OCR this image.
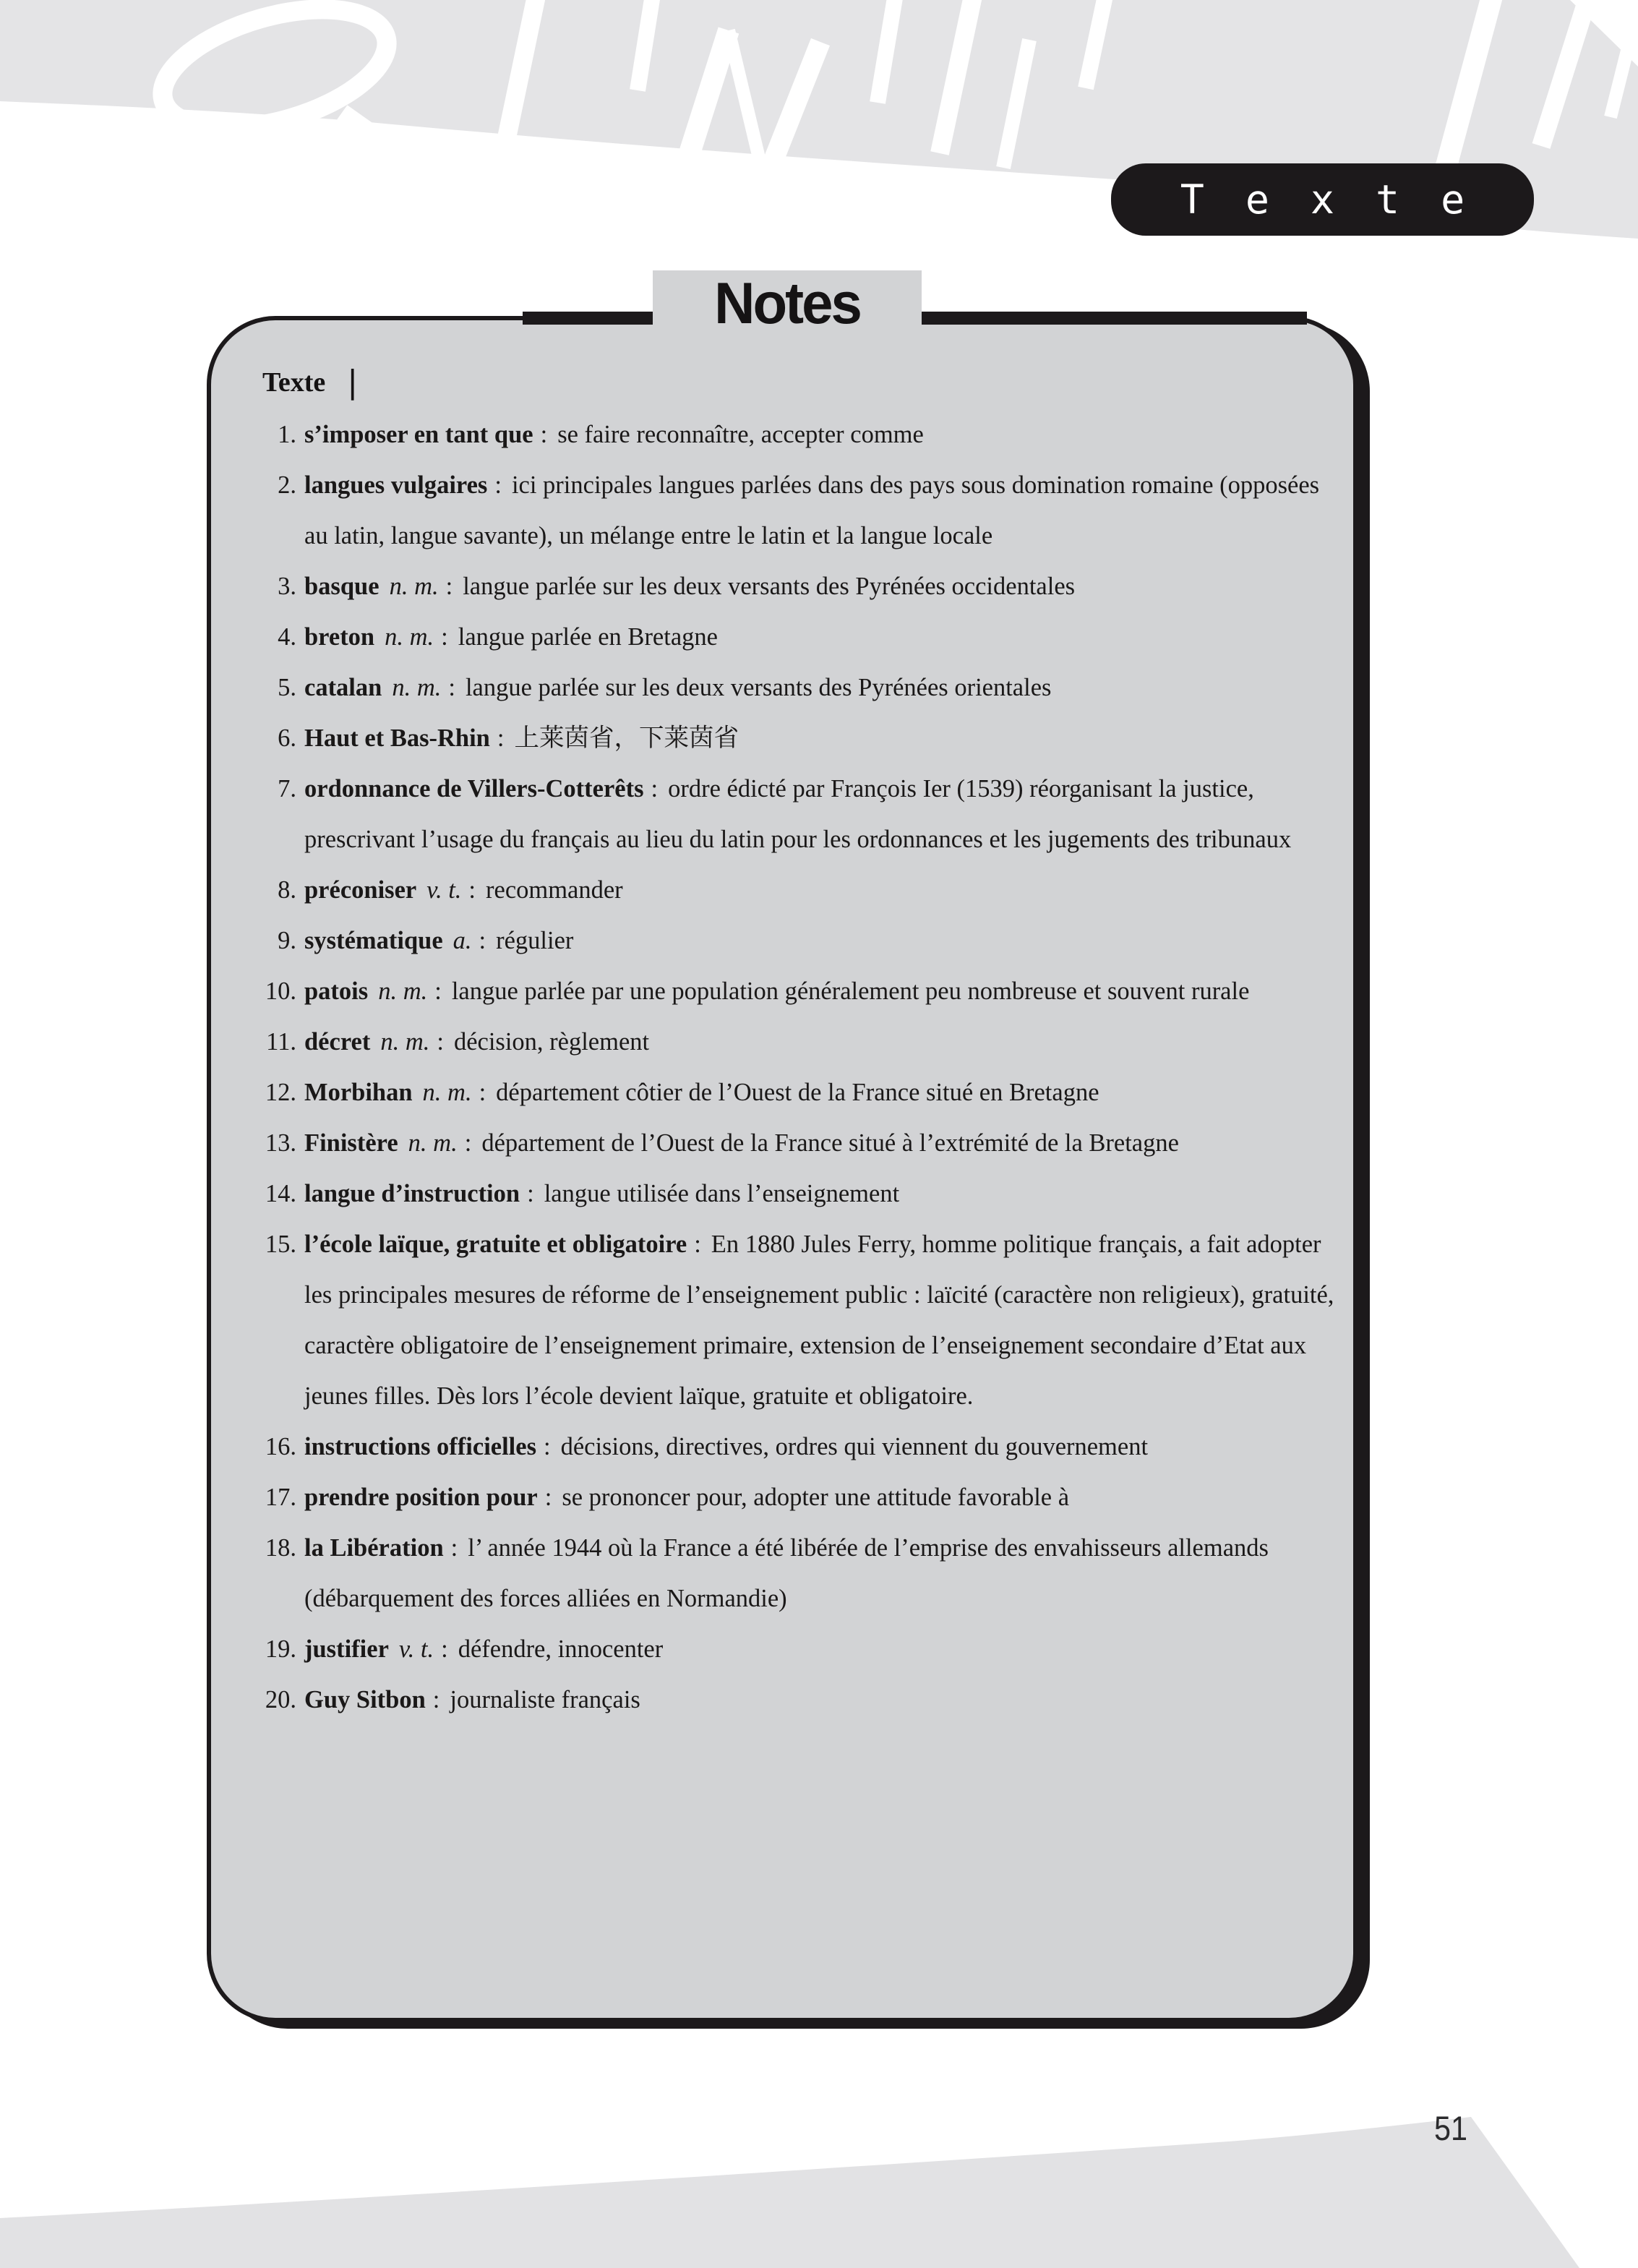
Texte
Notes
Texte |
1. s’imposer en tant que : se faire reconnaître, accepter comme
2. langues vulgaires : ici principales langues parlées dans des pays sous domination romaine (opposées au latin, langue savante), un mélange entre le latin et la langue locale
3. basque n. m. : langue parlée sur les deux versants des Pyrénées occidentales
4. breton n. m. : langue parlée en Bretagne
5. catalan n. m. : langue parlée sur les deux versants des Pyrénées orientales
6. Haut et Bas-Rhin : 上莱茵省，下莱茵省
7. ordonnance de Villers-Cotterêts : ordre édicté par François Ier (1539) réorganisant la justice, prescrivant l’usage du français au lieu du latin pour les ordonnances et les jugements des tribunaux
8. préconiser v. t. : recommander
9. systématique a. : régulier
10. patois n. m. : langue parlée par une population généralement peu nombreuse et souvent rurale
11. décret n. m. : décision, règlement
12. Morbihan n. m. : département côtier de l’Ouest de la France situé en Bretagne
13. Finistère n. m. : département de l’Ouest de la France situé à l’extrémité de la Bretagne
14. langue d’instruction : langue utilisée dans l’enseignement
15. l’école laïque, gratuite et obligatoire : En 1880 Jules Ferry, homme politique français, a fait adopter les principales mesures de réforme de l’enseignement public : laïcité (caractère non religieux), gratuité, caractère obligatoire de l’enseignement primaire, extension de l’enseignement secondaire d’Etat aux jeunes filles. Dès lors l’école devient laïque, gratuite et obligatoire.
16. instructions officielles : décisions, directives, ordres qui viennent du gouvernement
17. prendre position pour : se prononcer pour, adopter une attitude favorable à
18. la Libération : l’ année 1944 où la France a été libérée de l’emprise des envahisseurs allemands (débarquement des forces alliées en Normandie)
19. justifier v. t. : défendre, innocenter
20. Guy Sitbon : journaliste français
51
